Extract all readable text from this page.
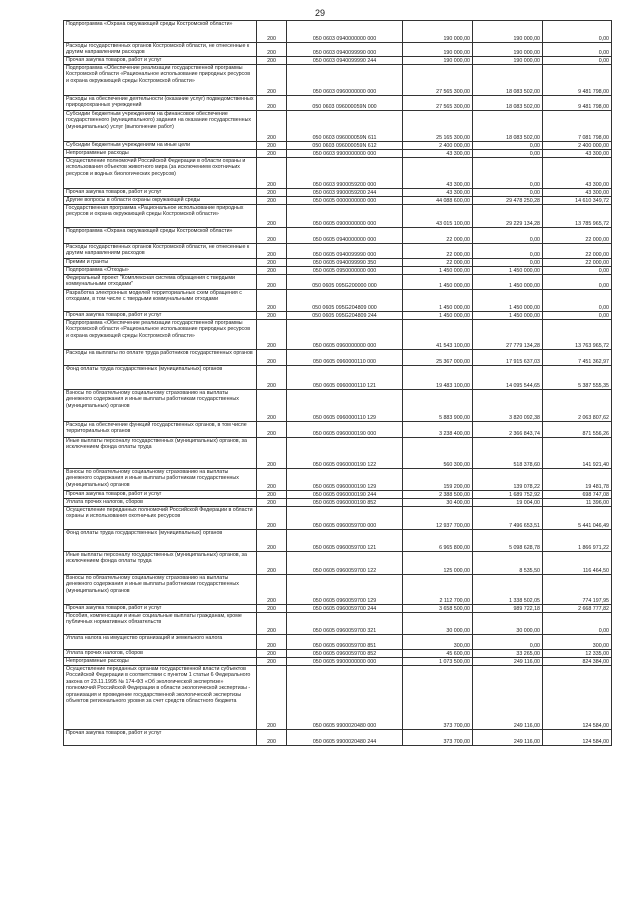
29
Подпрограмма «Охрана окружающей среды Костромской области»	200	050 0603 0940000000 000	190 000,00	190 000,00	0,00
Расходы государственных органов Костромской области, не отнесенные к другим направлениям расходов	200	050 0603 0940099990 000	190 000,00	190 000,00	0,00
Прочая закупка товаров, работ и услуг	200	050 0603 0940099990 244	190 000,00	190 000,00	0,00
Подпрограмма «Обеспечение реализации государственной программы Костромской области «Рациональное использование природных ресурсов и охрана окружающей среды Костромской области»	200	050 0603 0960000000 000	27 565 300,00	18 083 502,00	9 481 798,00
Расходы на обеспечение деятельности (оказание услуг) подведомственных природоохранных учреждений	200	050 0603 096000059N 000	27 565 300,00	18 083 502,00	9 481 798,00
Субсидии бюджетным учреждениям на финансовое обеспечение государственного (муниципального) задания на оказание государственных (муниципальных) услуг (выполнение работ)	200	050 0603 096000059N 611	25 165 300,00	18 083 502,00	7 081 798,00
Субсидии бюджетным учреждениям на иные цели	200	050 0603 096000059N 612	2 400 000,00	0,00	2 400 000,00
Непрограммные расходы	200	050 0603 9900000000 000	43 300,00	0,00	43 300,00
Осуществление полномочий Российской Федерации в области охраны и использования объектов животного мира (за исключением охотничьих ресурсов и водных биологических ресурсов)	200	050 0603 9900059200 000	43 300,00	0,00	43 300,00
Прочая закупка товаров, работ и услуг	200	050 0603 9900059200 244	43 300,00	0,00	43 300,00
Другие вопросы в области охраны окружающей среды	200	050 0605 0000000000 000	44 088 600,00	29 478 250,28	14 610 349,72
Государственная программа «Рациональное использование природных ресурсов и охрана окружающей среды Костромской области»	200	050 0605 0900000000 000	43 015 100,00	29 229 134,28	13 785 965,72
Подпрограмма «Охрана окружающей среды Костромской области»	200	050 0605 0940000000 000	22 000,00	0,00	22 000,00
Расходы государственных органов Костромской области, не отнесенные к другим направлениям расходов	200	050 0605 0940099990 000	22 000,00	0,00	22 000,00
Премии и гранты	200	050 0605 0940099990 350	22 000,00	0,00	22 000,00
Подпрограмма «Отходы»	200	050 0605 0950000000 000	1 450 000,00	1 450 000,00	0,00
Федеральный проект "Комплексная система обращения с твердыми коммунальными отходами"	200	050 0605 095G200000 000	1 450 000,00	1 450 000,00	0,00
Разработка электронных моделей территориальных схем обращения с отходами, в том числе с твердыми коммунальными отходами	200	050 0605 095G204809 000	1 450 000,00	1 450 000,00	0,00
Прочая закупка товаров, работ и услуг	200	050 0605 095G204809 244	1 450 000,00	1 450 000,00	0,00
Подпрограмма «Обеспечение реализации государственной программы Костромской области «Рациональное использование природных ресурсов и охрана окружающей среды Костромской области»	200	050 0605 0960000000 000	41 543 100,00	27 779 134,28	13 763 965,72
Расходы на выплаты по оплате труда работников государственных органов	200	050 0605 0960000110 000	25 367 000,00	17 915 637,03	7 451 362,97
Фонд оплаты труда государственных (муниципальных) органов	200	050 0605 0960000110 121	19 483 100,00	14 095 544,65	5 387 555,35
Взносы по обязательному социальному страхованию на выплаты денежного содержания и иные выплаты работникам государственных (муниципальных) органов	200	050 0605 0960000110 129	5 883 900,00	3 820 092,38	2 063 807,62
Расходы на обеспечение функций государственных органов, в том числе территориальных органов	200	050 0605 0960000190 000	3 238 400,00	2 366 843,74	871 556,26
Иные выплаты персоналу государственных (муниципальных) органов, за исключением фонда оплаты труда	200	050 0605 0960000190 122	560 300,00	518 378,60	141 921,40
Взносы по обязательному социальному страхованию на выплаты денежного содержания и иные выплаты работникам государственных (муниципальных) органов	200	050 0605 0960000190 129	159 200,00	139 078,22	19 481,78
Прочая закупка товаров, работ и услуг	200	050 0605 0960000190 244	2 388 500,00	1 689 752,92	698 747,08
Уплата прочих налогов, сборов	200	050 0605 0960000190 852	30 400,00	19 004,00	11 396,00
Осуществление переданных полномочий Российской Федерации в области охраны и использования охотничьих ресурсов	200	050 0605 0960059700 000	12 937 700,00	7 496 653,51	5 441 046,49
Фонд оплаты труда государственных (муниципальных) органов	200	050 0605 0960059700 121	6 965 800,00	5 098 628,78	1 866 971,22
Иные выплаты персоналу государственных (муниципальных) органов, за исключением фонда оплаты труда	200	050 0605 0960059700 122	125 000,00	8 535,50	116 464,50
Взносы по обязательному социальному страхованию на выплаты денежного содержания и иные выплаты работникам государственных (муниципальных) органов	200	050 0605 0960059700 129	2 112 700,00	1 338 502,05	774 197,95
Прочая закупка товаров, работ и услуг	200	050 0605 0960059700 244	3 658 500,00	989 722,18	2 668 777,82
Пособия, компенсации и иные социальные выплаты гражданам, кроме публичных нормативных обязательств	200	050 0605 0960059700 321	30 000,00	30 000,00	0,00
Уплата налога на имущество организаций и земельного налога	200	050 0605 0960059700 851	300,00	0,00	300,00
Уплата прочих налогов, сборов	200	050 0605 0960059700 852	45 600,00	33 265,00	12 335,00
Непрограммные расходы	200	050 0605 9900000000 000	1 073 500,00	249 116,00	824 384,00
Осуществление переданных органам государственной власти субъектов Российской Федерации в соответствии с пунктом 1 статьи 6 Федерального закона от 23.11.1995 № 174-ФЗ «Об экологической экспертизе» полномочий Российской Федерации в области экологической экспертизы - организация и проведение государственной экологической экспертизы объектов регионального уровня за счет средств областного бюджета	200	050 0605 9900020480 000	373 700,00	249 116,00	124 584,00
Прочая закупка товаров, работ и услуг	200	050 0605 9900020480 244	373 700,00	249 116,00	124 584,00
